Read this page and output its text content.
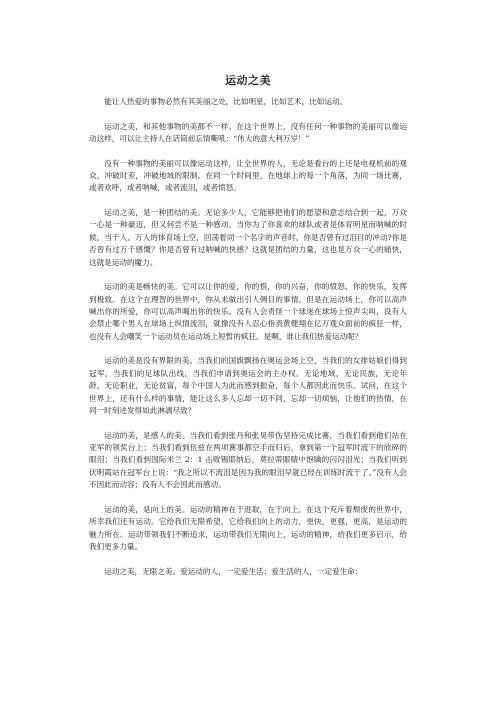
运动之美

能让人热爱的事物必然有其美丽之处，比如明星，比如艺术，比如运动。

运动之美，和其他事物的美都不一样。在这个世界上，没有任何一种事物的美丽可以像运动这样，可以让主持人在话筒前忘情嘶吼：“伟大的意大利万岁！”

没有一种事物的美丽可以像运动这样，让全世界的人，无论是看台的上还是电视机前的观众，冲破时差，冲破地域的限制，在同一个时间里，在地球上的每一个角落，为同一场比赛，或者欢呼，或者呐喊，或者流泪，或者愤怒。

运动之美，是一种团结的美。无论多少人，它能够把他们的愿望和意志结合到一起，万众一心是一种豪迈，但又何尝不是一种感动。当你为了你喜欢的球队或者是体育明星而呐喊的时候，当千人、万人的体育场上空，回荡着同一个名字的声音时，你是否曾有过泪目的冲动?你是否曾有过万千感慨？你是否曾有过呐喊的快感？这就是团结的力量，这也是万众一心的痛快，这就是运动的魔力。

运动的美是畅快的美。它可以让你的爱，你的恨，你的兴奋，你的愤怒，你的快乐，发挥到极致。在这个在理智的世界中，你从未做出引人侧目的事情。但是在运动场上，你可以高声喊出你的所爱，你可以高声喝出你的快乐。没有人会责怪一个球迷在球场上惊声尖叫，没有人会禁止哪个男人在球场上纵情流泪，就像没有人忍心指责黄健翔在亿万观众面前的疯狂一样，也没有人会嘲笑一个运动员在运动场上短暂的疯狂。是啊，谁让我们热爱运动呢？

运动的美是没有界限的美。当我们的国旗飘扬在奥运会场上空，当我们的女排姑娘们得到冠军，当我们的足球队出线，当我们申请到奥运会的主办权。无论地域，无论民族，无论年龄，无论职业，无论贫富，每个中国人为此而感到振奋，每个人都因此而快乐。试问，在这个世界上，还有什么样的事情，能让这么多人忘却一切不同，忘却一切烦恼，让他们的热情，在同一时刻迸发得如此淋漓尽致？

运动的美，是感人的美。当我们看到张丹和张昊带伤坚持完成比赛，当我们看到他们站在亚军的领奖台上；当我们看到伍兹在两项赛事都空手而归后，拿到第一个冠军时流下的欣碎的眼泪；当我们看到国际米兰 2：1 击败锡耶纳后，莫拉蒂眼睛中饱噙的闪闪泪光；当我们听到伏明霞站在冠军台上说：“我之所以不流泪是因为我的眼泪早就已经在训练时流干了。”没有人会不因此而动容；没有人不会因此而感动。

运动的美，是向上的美。运动的精神在于进取，在于向上。在这个充斥着颓废的世界中，所幸我们还有运动。它给我们无限希望，它给我们向上的动力，更快，更强，更高，是运动的魅力所在。运动带领我们不断追求，运动带我们无限向上，运动的精神，给我们更多启示，给我们更多力量。

运动之美，无限之美。爱运动的人，一定爱生活；爱生活的人，一定爱生命；
